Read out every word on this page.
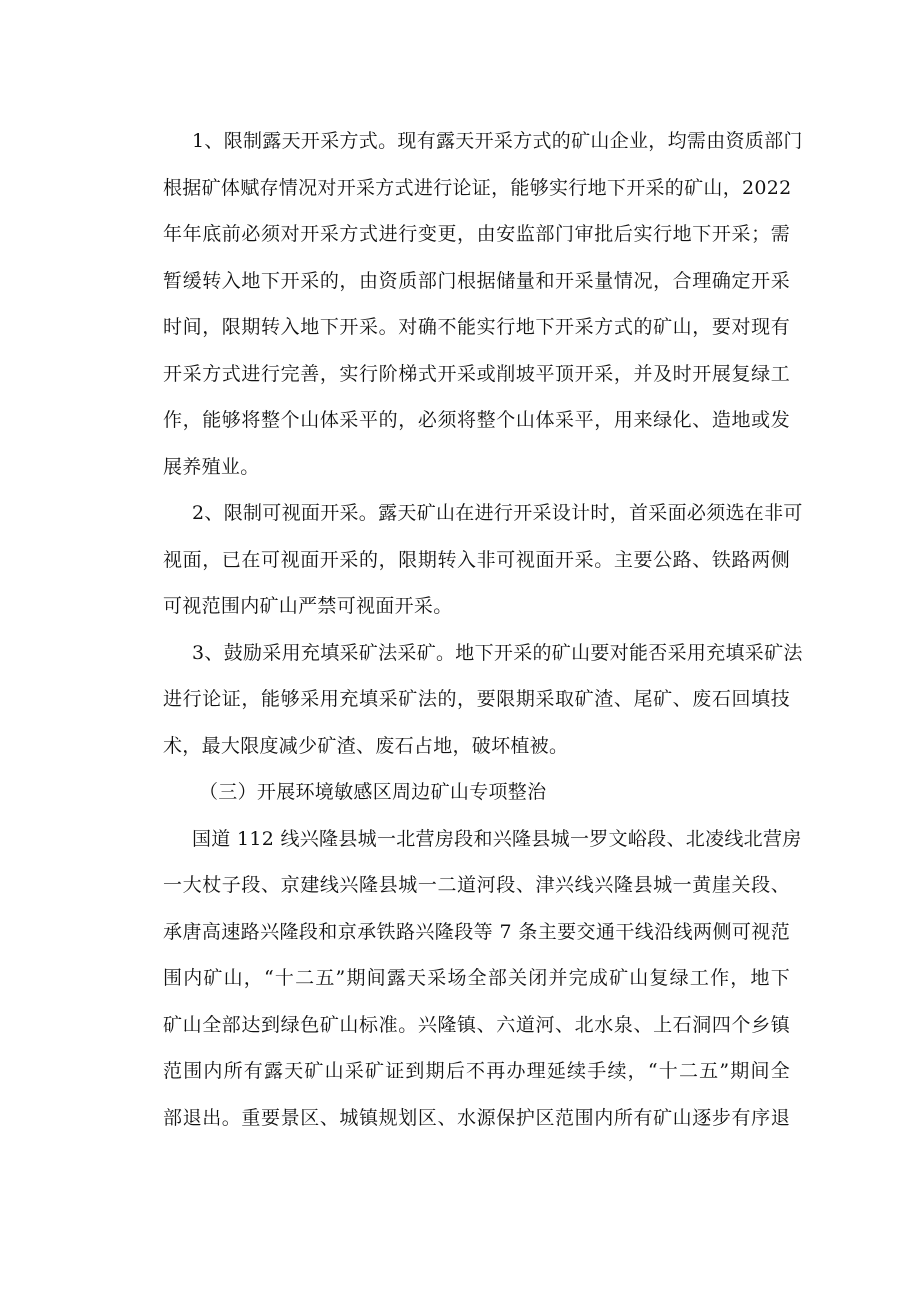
1、限制露天开采方式。现有露天开采方式的矿山企业，均需由资质部门
根据矿体赋存情况对开采方式进行论证，能够实行地下开采的矿山，2022
年年底前必须对开采方式进行变更，由安监部门审批后实行地下开采；需
暂缓转入地下开采的，由资质部门根据储量和开采量情况，合理确定开采
时间，限期转入地下开采。对确不能实行地下开采方式的矿山，要对现有
开采方式进行完善，实行阶梯式开采或削坡平顶开采，并及时开展复绿工
作，能够将整个山体采平的，必须将整个山体采平，用来绿化、造地或发
展养殖业。
2、限制可视面开采。露天矿山在进行开采设计时，首采面必须选在非可
视面，已在可视面开采的，限期转入非可视面开采。主要公路、铁路两侧
可视范围内矿山严禁可视面开采。
3、鼓励采用充填采矿法采矿。地下开采的矿山要对能否采用充填采矿法
进行论证，能够采用充填采矿法的，要限期采取矿渣、尾矿、废石回填技
术，最大限度减少矿渣、废石占地，破坏植被。
（三）开展环境敏感区周边矿山专项整治
国道 112 线兴隆县城一北营房段和兴隆县城一罗文峪段、北凌线北营房
一大杖子段、京建线兴隆县城一二道河段、津兴线兴隆县城一黄崖关段、
承唐高速路兴隆段和京承铁路兴隆段等 7 条主要交通干线沿线两侧可视范
围内矿山，“十二五”期间露天采场全部关闭并完成矿山复绿工作，地下
矿山全部达到绿色矿山标准。兴隆镇、六道河、北水泉、上石洞四个乡镇
范围内所有露天矿山采矿证到期后不再办理延续手续，“十二五”期间全
部退出。重要景区、城镇规划区、水源保护区范围内所有矿山逐步有序退
